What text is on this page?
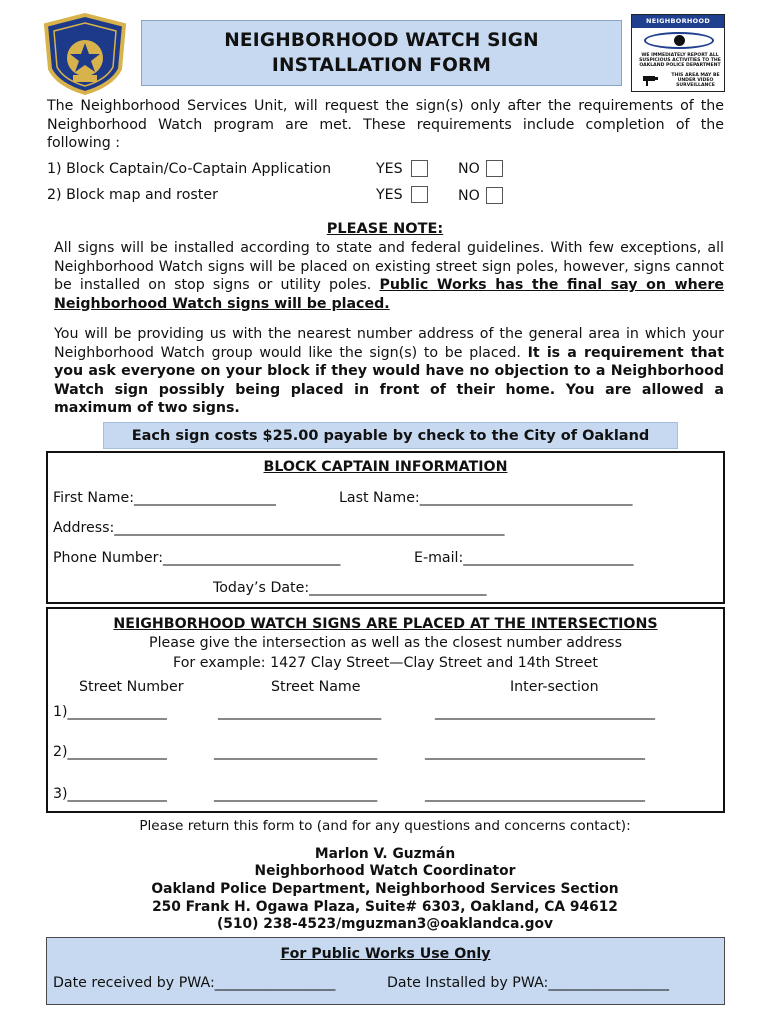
NEIGHBORHOOD WATCH SIGN
INSTALLATION FORM
NEIGHBORHOOD
WE IMMEDIATELY REPORT ALL SUSPICIOUS ACTIVITIES TO THE OAKLAND POLICE DEPARTMENT
THIS AREA MAY BE UNDER VIDEO SURVEILLANCE
The Neighborhood Services Unit, will request the sign(s) only after the requirements of the Neighborhood Watch program are met. These requirements include completion of the following :
1) Block Captain/Co-Captain Application	YES	NO
2) Block map and roster	YES	NO
PLEASE NOTE:
All signs will be installed according to state and federal guidelines. With few exceptions, all Neighborhood Watch signs will be placed on existing street sign poles, however, signs cannot be installed on stop signs or utility poles. Public Works has the final say on where Neighborhood Watch signs will be placed.
You will be providing us with the nearest number address of the general area in which your Neighborhood Watch group would like the sign(s) to be placed. It is a requirement that you ask everyone on your block if they would have no objection to a Neighborhood Watch sign possibly being placed in front of their home. You are allowed a maximum of two signs.
Each sign costs $25.00 payable by check to the City of Oakland
BLOCK CAPTAIN INFORMATION
First Name:____________________	Last Name:______________________________
Address:_______________________________________________________
Phone Number:_________________________	E-mail:________________________
Today’s Date:_________________________
NEIGHBORHOOD WATCH SIGNS ARE PLACED AT THE INTERSECTIONS
Please give the intersection as well as the closest number address
For example: 1427 Clay Street—Clay Street and 14th Street
Street Number	Street Name	Inter-section
1)______________	_______________________	_______________________________
2)______________	_______________________	_______________________________
3)______________	_______________________	_______________________________
Please return this form to (and for any questions and concerns contact):
Marlon V. Guzmán
Neighborhood Watch Coordinator
Oakland Police Department, Neighborhood Services Section
250 Frank H. Ogawa Plaza, Suite# 6303, Oakland, CA 94612
(510) 238-4523/mguzman3@oaklandca.gov
For Public Works Use Only
Date received by PWA:_________________	Date Installed by PWA:_________________
